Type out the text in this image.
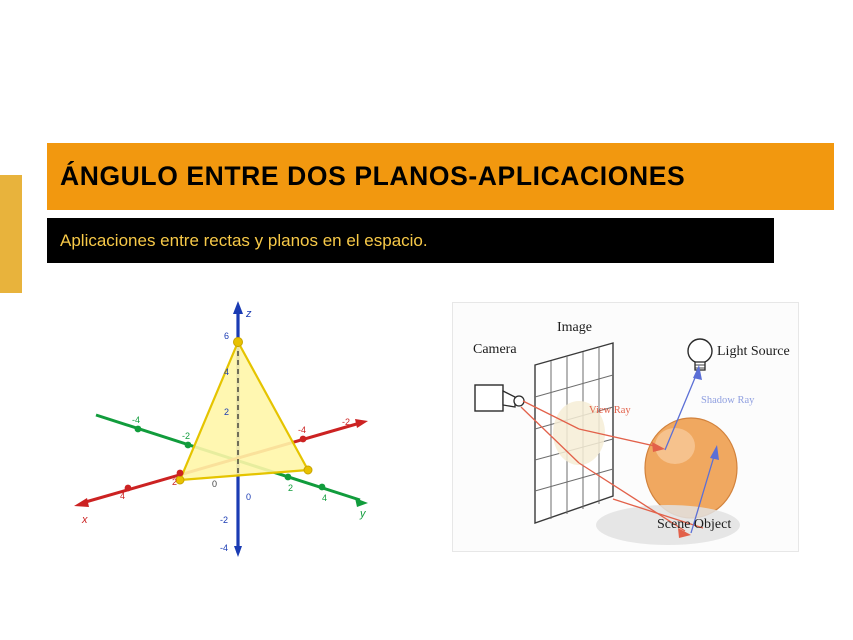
ÁNGULO ENTRE DOS PLANOS-APLICACIONES
Aplicaciones entre rectas y planos en el espacio.
z
y
x
6
4
2
0
-2
-4
-4
-2
2
4
-4
-2
4
2	0
Camera
Image
Light Source
View Ray
Shadow Ray
Scene Object
